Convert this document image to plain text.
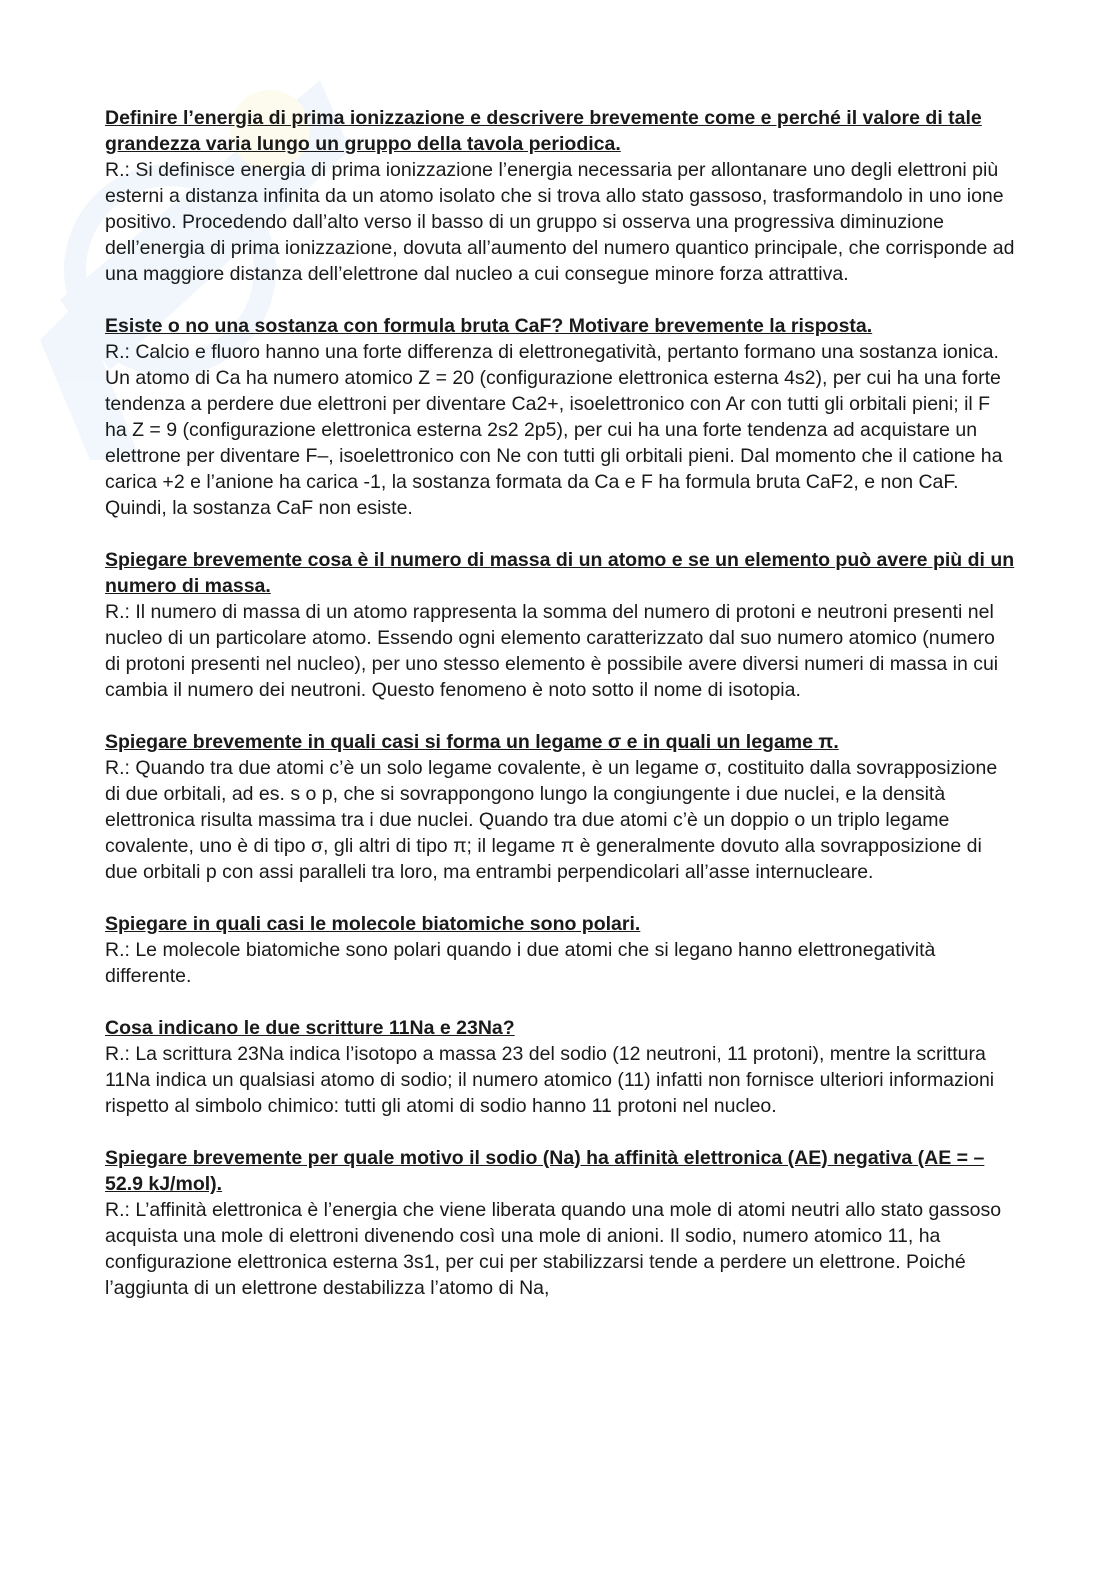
Definire l’energia di prima ionizzazione e descrivere brevemente come e perché il valore di tale grandezza varia lungo un gruppo della tavola periodica.

R.: Si definisce energia di prima ionizzazione l’energia necessaria per allontanare uno degli elettroni più esterni a distanza infinita da un atomo isolato che si trova allo stato gassoso, trasformandolo in uno ione positivo. Procedendo dall’alto verso il basso di un gruppo si osserva una progressiva diminuzione dell’energia di prima ionizzazione, dovuta all’aumento del numero quantico principale, che corrisponde ad una maggiore distanza dell’elettrone dal nucleo a cui consegue minore forza attrattiva.

Esiste o no una sostanza con formula bruta CaF? Motivare brevemente la risposta.

R.: Calcio e fluoro hanno una forte differenza di elettronegatività, pertanto formano una sostanza ionica. Un atomo di Ca ha numero atomico Z = 20 (configurazione elettronica esterna 4s2), per cui ha una forte tendenza a perdere due elettroni per diventare Ca2+, isoelettronico con Ar con tutti gli orbitali pieni; il F ha Z = 9 (configurazione elettronica esterna 2s2 2p5), per cui ha una forte tendenza ad acquistare un elettrone per diventare F–, isoelettronico con Ne con tutti gli orbitali pieni. Dal momento che il catione ha carica +2 e l’anione ha carica -1, la sostanza formata da Ca e F ha formula bruta CaF2, e non CaF. Quindi, la sostanza CaF non esiste.

Spiegare brevemente cosa è il numero di massa di un atomo e se un elemento può avere più di un numero di massa.

R.: Il numero di massa di un atomo rappresenta la somma del numero di protoni e neutroni presenti nel nucleo di un particolare atomo. Essendo ogni elemento caratterizzato dal suo numero atomico (numero di protoni presenti nel nucleo), per uno stesso elemento è possibile avere diversi numeri di massa in cui cambia il numero dei neutroni. Questo fenomeno è noto sotto il nome di isotopia.

Spiegare brevemente in quali casi si forma un legame σ e in quali un legame π.

R.: Quando tra due atomi c’è un solo legame covalente, è un legame σ, costituito dalla sovrapposizione di due orbitali, ad es. s o p, che si sovrappongono lungo la congiungente i due nuclei, e la densità elettronica risulta massima tra i due nuclei. Quando tra due atomi c’è un doppio o un triplo legame covalente, uno è di tipo σ, gli altri di tipo π; il legame π è generalmente dovuto alla sovrapposizione di due orbitali p con assi paralleli tra loro, ma entrambi perpendicolari all’asse internucleare.

Spiegare in quali casi le molecole biatomiche sono polari.

R.: Le molecole biatomiche sono polari quando i due atomi che si legano hanno elettronegatività differente.

Cosa indicano le due scritture 11Na e 23Na?

R.: La scrittura 23Na indica l’isotopo a massa 23 del sodio (12 neutroni, 11 protoni), mentre la scrittura 11Na indica un qualsiasi atomo di sodio; il numero atomico (11) infatti non fornisce ulteriori informazioni rispetto al simbolo chimico: tutti gli atomi di sodio hanno 11 protoni nel nucleo.

Spiegare brevemente per quale motivo il sodio (Na) ha affinità elettronica (AE) negativa (AE = – 52.9 kJ/mol).

R.: L’affinità elettronica è l’energia che viene liberata quando una mole di atomi neutri allo stato gassoso acquista una mole di elettroni divenendo così una mole di anioni. Il sodio, numero atomico 11, ha configurazione elettronica esterna 3s1, per cui per stabilizzarsi tende a perdere un elettrone. Poiché l’aggiunta di un elettrone destabilizza l’atomo di Na,
